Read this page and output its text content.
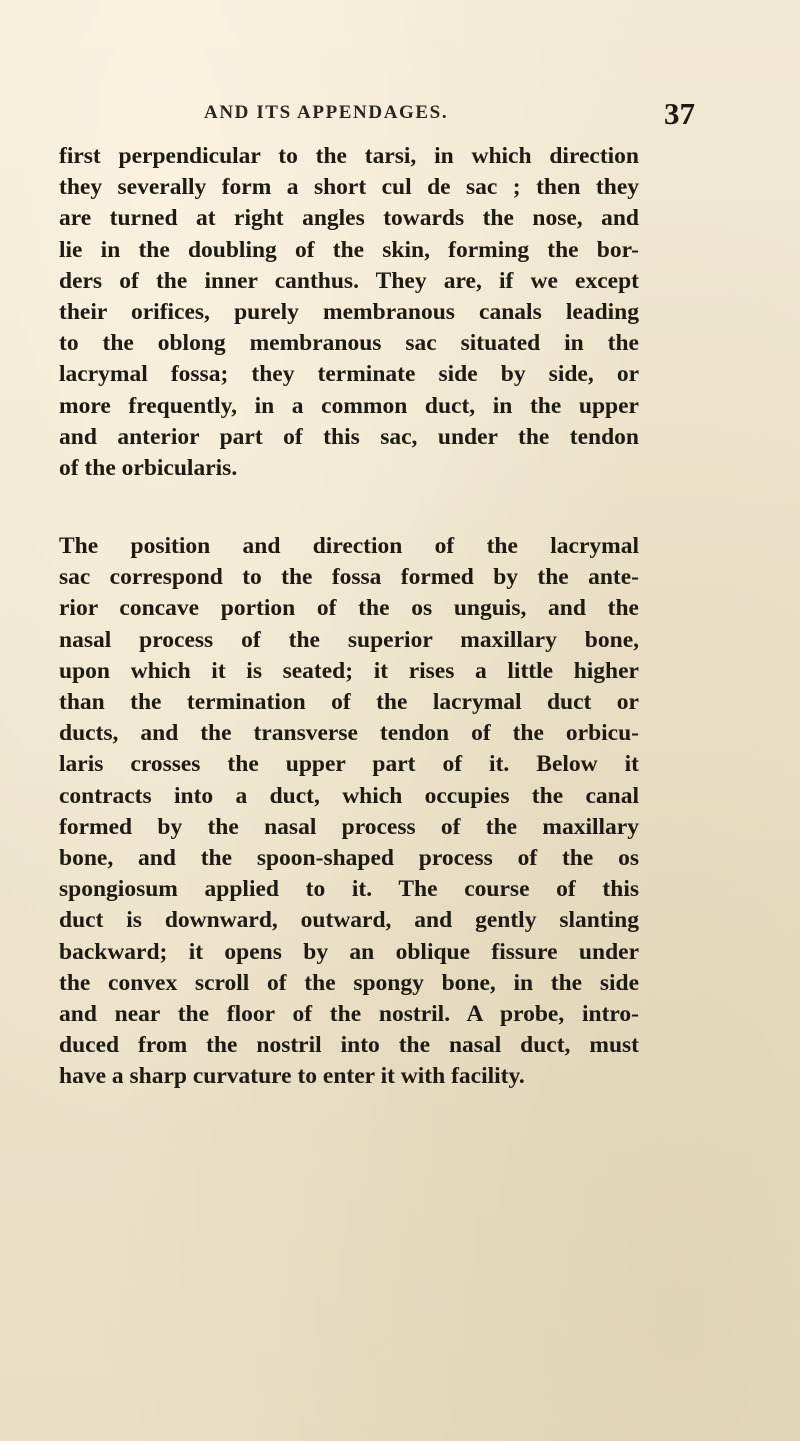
AND ITS APPENDAGES.	37
first perpendicular to the tarsi, in which direction
they severally form a short cul de sac ; then they
are turned at right angles towards the nose, and
lie in the doubling of the skin, forming the bor-
ders of the inner canthus. They are, if we except
their orifices, purely membranous canals leading
to the oblong membranous sac situated in the
lacrymal fossa; they terminate side by side, or
more frequently, in a common duct, in the upper
and anterior part of this sac, under the tendon
of the orbicularis.
The position and direction of the lacrymal
sac correspond to the fossa formed by the ante-
rior concave portion of the os unguis, and the
nasal process of the superior maxillary bone,
upon which it is seated; it rises a little higher
than the termination of the lacrymal duct or
ducts, and the transverse tendon of the orbicu-
laris crosses the upper part of it. Below it
contracts into a duct, which occupies the canal
formed by the nasal process of the maxillary
bone, and the spoon-shaped process of the os
spongiosum applied to it. The course of this
duct is downward, outward, and gently slanting
backward; it opens by an oblique fissure under
the convex scroll of the spongy bone, in the side
and near the floor of the nostril. A probe, intro-
duced from the nostril into the nasal duct, must
have a sharp curvature to enter it with facility.
